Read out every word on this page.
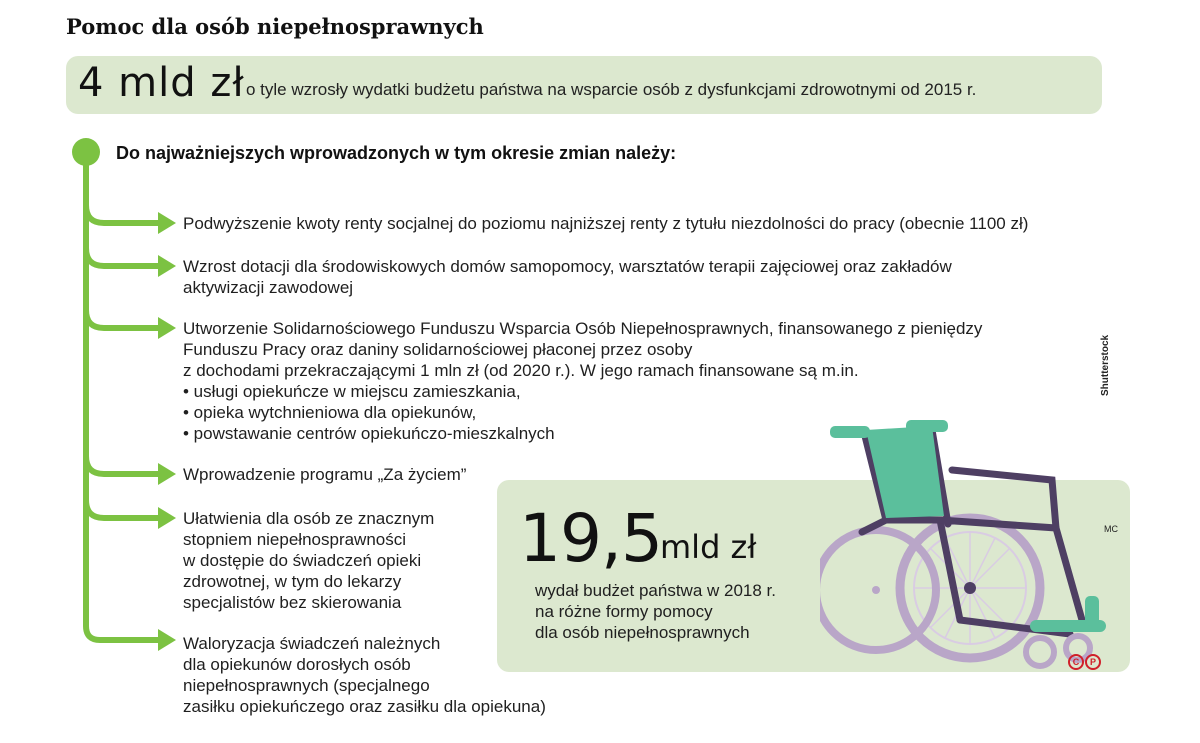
Pomoc dla osób niepełnosprawnych
4 mld zł o tyle wzrosły wydatki budżetu państwa na wsparcie osób z dysfunkcjami zdrowotnymi od 2015 r.
Do najważniejszych wprowadzonych w tym okresie zmian należy:
Podwyższenie kwoty renty socjalnej do poziomu najniższej renty z tytułu niezdolności do pracy (obecnie 1100 zł)
Wzrost dotacji dla środowiskowych domów samopomocy, warsztatów terapii zajęciowej oraz zakładów
aktywizacji zawodowej
Utworzenie Solidarnościowego Funduszu Wsparcia Osób Niepełnosprawnych, finansowanego z pieniędzy
Funduszu Pracy oraz daniny solidarnościowej płaconej przez osoby
z dochodami przekraczającymi 1 mln zł (od 2020 r.). W jego ramach finansowane są m.in.
• usługi opiekuńcze w miejscu zamieszkania,
• opieka wytchnieniowa dla opiekunów,
• powstawanie centrów opiekuńczo-mieszkalnych
Wprowadzenie programu „Za życiem”
Ułatwienia dla osób ze znacznym
stopniem niepełnosprawności
w dostępie do świadczeń opieki
zdrowotnej, w tym do lekarzy
specjalistów bez skierowania
Waloryzacja świadczeń należnych
dla opiekunów dorosłych osób
niepełnosprawnych (specjalnego
zasiłku opiekuńczego oraz zasiłku dla opiekuna)
19,5
mld zł
wydał budżet państwa w 2018 r.
na różne formy pomocy
dla osób niepełnosprawnych
Shutterstock
MC
C P
